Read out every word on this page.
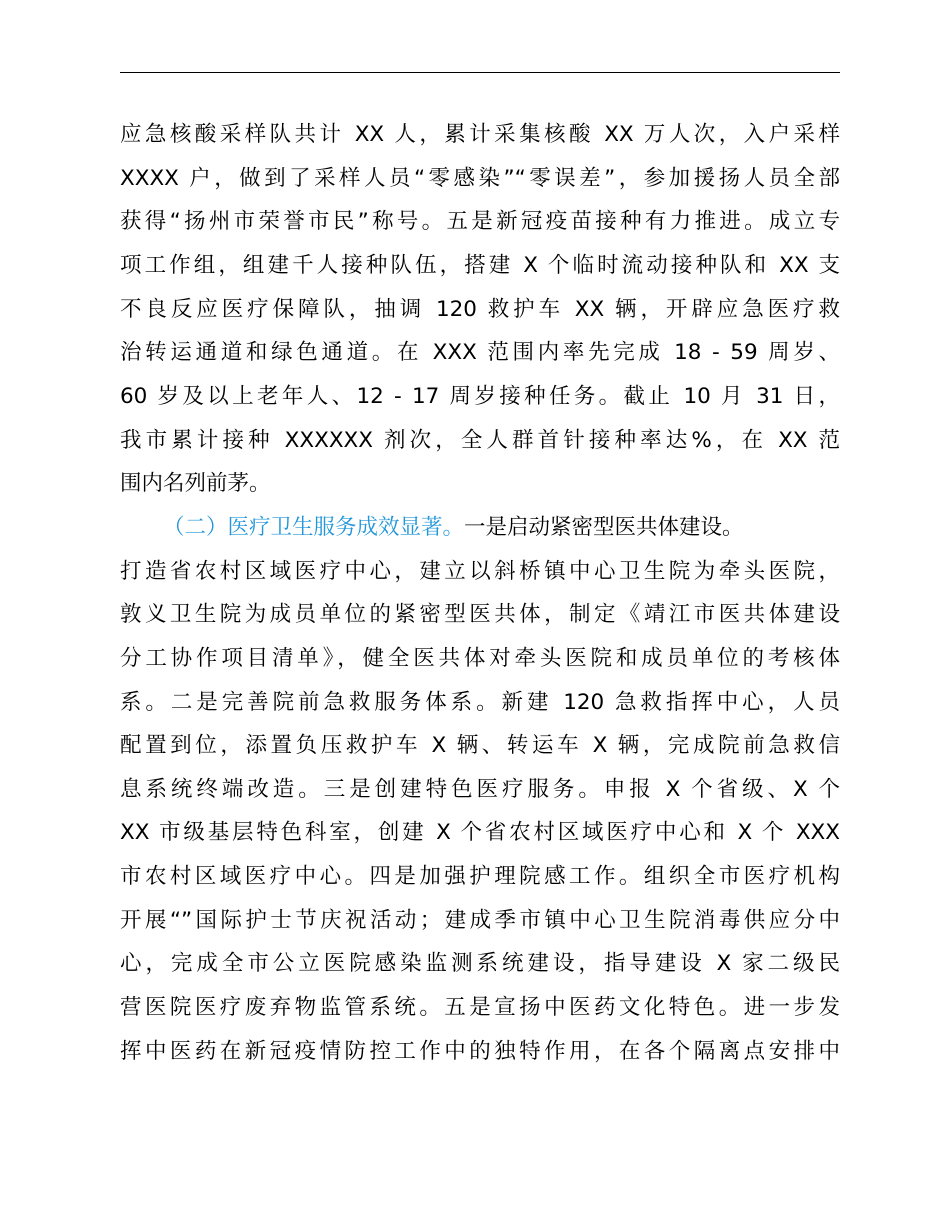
应急核酸采样队共计 XX 人，累计采集核酸 XX 万人次，入户采样
XXXX 户，做到了采样人员“零感染”“零误差”，参加援扬人员全部
获得“扬州市荣誉市民”称号。五是新冠疫苗接种有力推进。成立专
项工作组，组建千人接种队伍，搭建 X 个临时流动接种队和 XX 支
不良反应医疗保障队，抽调 120 救护车 XX 辆，开辟应急医疗救
治转运通道和绿色通道。在 XXX 范围内率先完成 18 - 59 周岁、
60 岁及以上老年人、12 - 17 周岁接种任务。截止 10 月 31 日，
我市累计接种 XXXXXX 剂次，全人群首针接种率达%，在 XX 范
围内名列前茅。
（二）医疗卫生服务成效显著。一是启动紧密型医共体建设。
打造省农村区域医疗中心，建立以斜桥镇中心卫生院为牵头医院，
敦义卫生院为成员单位的紧密型医共体，制定《靖江市医共体建设
分工协作项目清单》，健全医共体对牵头医院和成员单位的考核体
系。二是完善院前急救服务体系。新建 120 急救指挥中心，人员
配置到位，添置负压救护车 X 辆、转运车 X 辆，完成院前急救信
息系统终端改造。三是创建特色医疗服务。申报 X 个省级、X 个
XX 市级基层特色科室，创建 X 个省农村区域医疗中心和 X 个 XXX
市农村区域医疗中心。四是加强护理院感工作。组织全市医疗机构
开展“”国际护士节庆祝活动；建成季市镇中心卫生院消毒供应分中
心，完成全市公立医院感染监测系统建设，指导建设 X 家二级民
营医院医疗废弃物监管系统。五是宣扬中医药文化特色。进一步发
挥中医药在新冠疫情防控工作中的独特作用，在各个隔离点安排中
